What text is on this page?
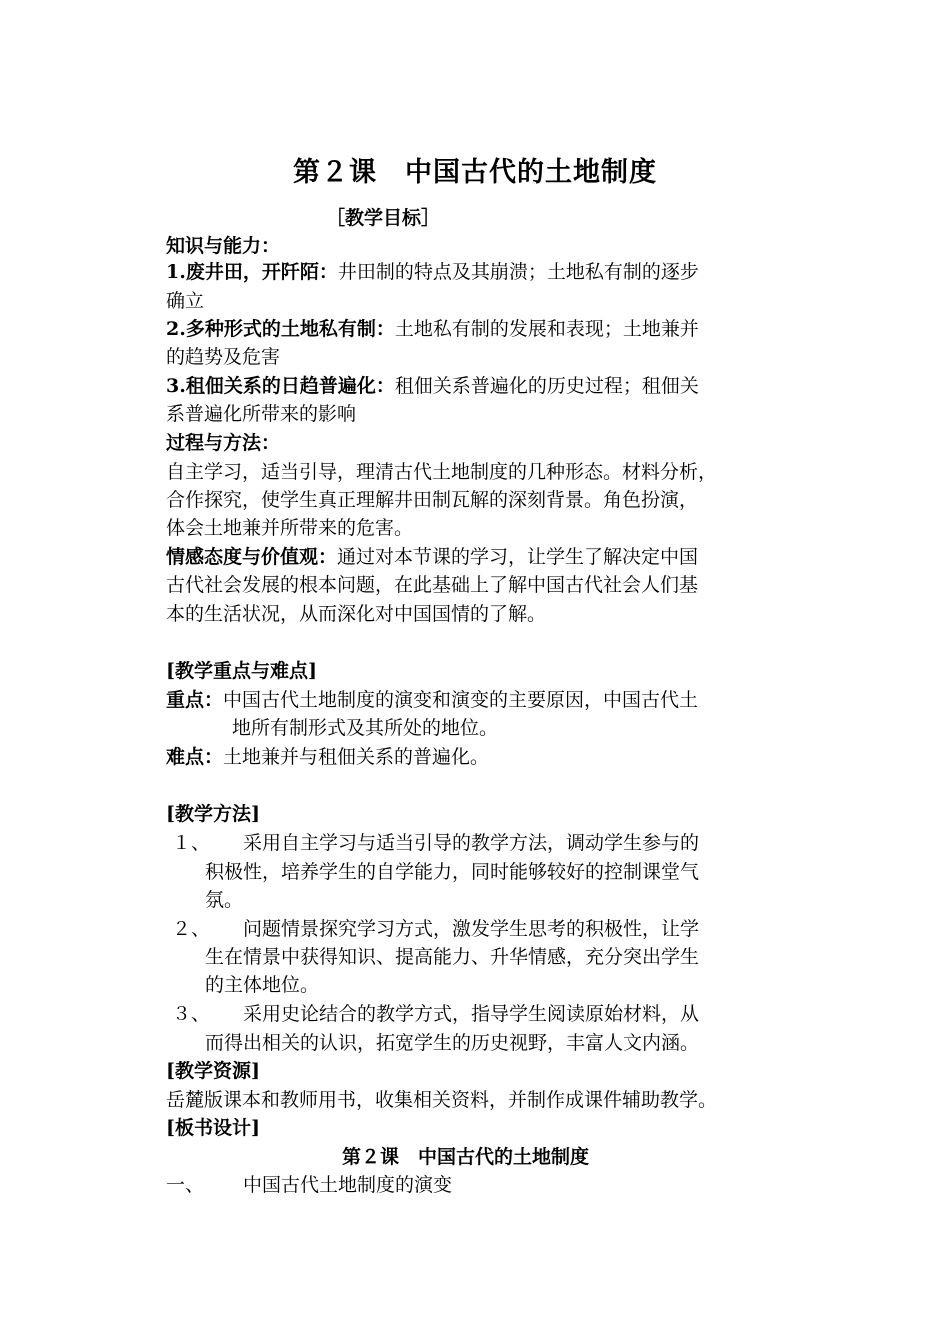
第２课　中国古代的土地制度
［教学目标］
知识与能力：
1.废井田，开阡陌：井田制的特点及其崩溃；土地私有制的逐步
确立
2.多种形式的土地私有制：土地私有制的发展和表现；土地兼并
的趋势及危害
3.租佃关系的日趋普遍化：租佃关系普遍化的历史过程；租佃关
系普遍化所带来的影响
过程与方法：
自主学习，适当引导，理清古代土地制度的几种形态。材料分析，
合作探究，使学生真正理解井田制瓦解的深刻背景。角色扮演，
体会土地兼并所带来的危害。
情感态度与价值观：通过对本节课的学习，让学生了解决定中国
古代社会发展的根本问题，在此基础上了解中国古代社会人们基
本的生活状况，从而深化对中国国情的了解。
[教学重点与难点]
重点：中国古代土地制度的演变和演变的主要原因，中国古代土
地所有制形式及其所处的地位。
难点：土地兼并与租佃关系的普遍化。
[教学方法]
１、 采用自主学习与适当引导的教学方法，调动学生参与的
积极性，培养学生的自学能力，同时能够较好的控制课堂气
氛。
２、 问题情景探究学习方式，激发学生思考的积极性，让学
生在情景中获得知识、提高能力、升华情感，充分突出学生
的主体地位。
３、 采用史论结合的教学方式，指导学生阅读原始材料，从
而得出相关的认识，拓宽学生的历史视野，丰富人文内涵。
[教学资源]
岳麓版课本和教师用书，收集相关资料，并制作成课件辅助教学。
[板书设计]
第２课　中国古代的土地制度
一、 中国古代土地制度的演变
